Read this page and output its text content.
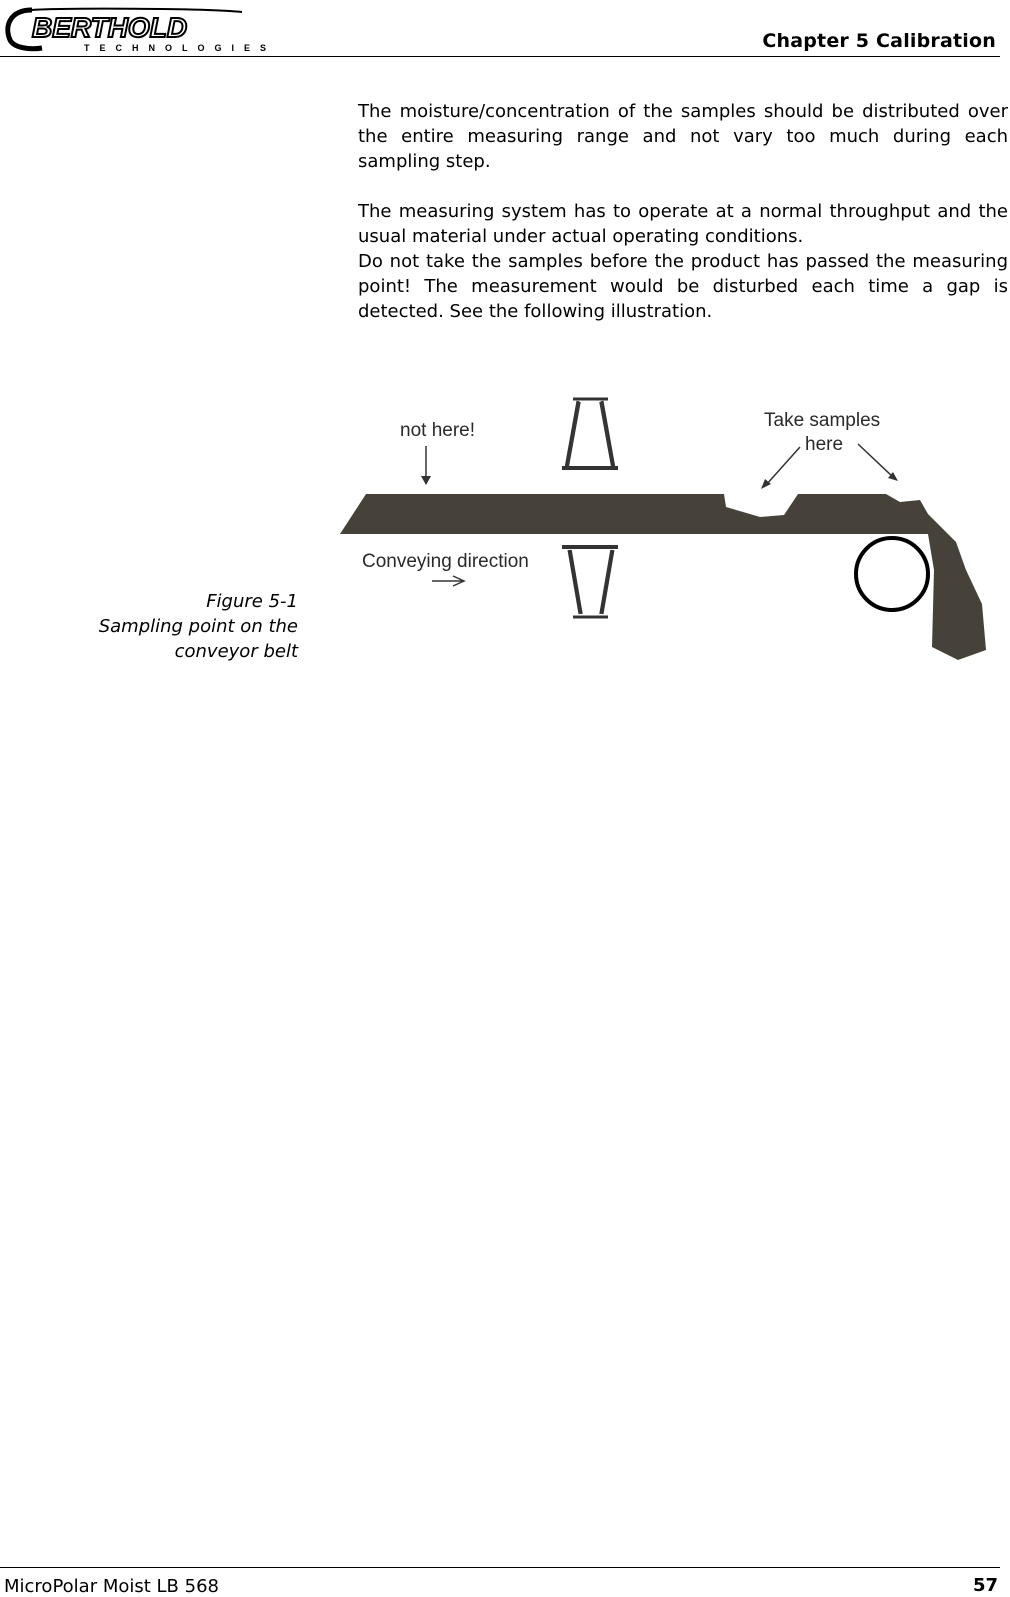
BERTHOLD
TECHNOLOGIES	Chapter 5 Calibration

The moisture/concentration of the samples should be distributed over the entire measuring range and not vary too much during each sampling step.

The measuring system has to operate at a normal throughput and the usual material under actual operating conditions.

Do not take the samples before the product has passed the measuring point! The measurement would be disturbed each time a gap is detected. See the following illustration.

Figure 5-1
Sampling point on the
conveyor belt
not here!	Take samples
here
Conveying direction
MicroPolar Moist LB 568	57
